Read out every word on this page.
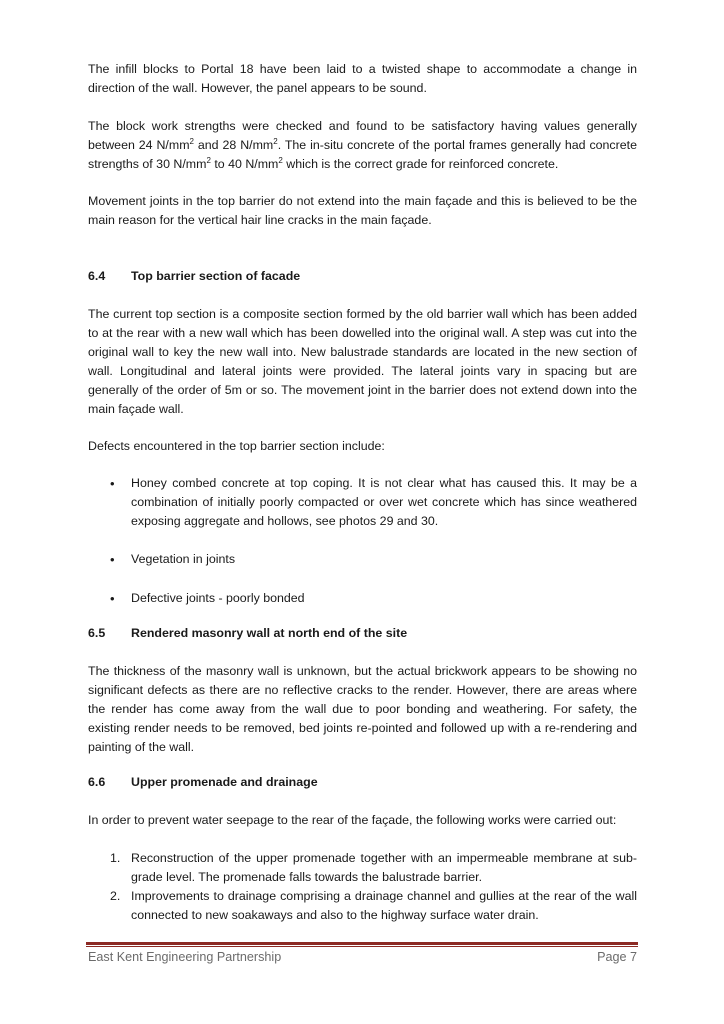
The infill blocks to Portal 18 have been laid to a twisted shape to accommodate a change in direction of the wall. However, the panel appears to be sound.

The block work strengths were checked and found to be satisfactory having values generally between 24 $N/mm^2$ and 28 $N/mm^2$. The in-situ concrete of the portal frames generally had concrete strengths of 30 $N/mm^2$ to 40 $N/mm^2$ which is the correct grade for reinforced concrete.

Movement joints in the top barrier do not extend into the main façade and this is believed to be the main reason for the vertical hair line cracks in the main façade.

6.4 Top barrier section of facade

The current top section is a composite section formed by the old barrier wall which has been added to at the rear with a new wall which has been dowelled into the original wall. A step was cut into the original wall to key the new wall into. New balustrade standards are located in the new section of wall. Longitudinal and lateral joints were provided. The lateral joints vary in spacing but are generally of the order of 5m or so. The movement joint in the barrier does not extend down into the main façade wall.

Defects encountered in the top barrier section include:

•	Honey combed concrete at top coping. It is not clear what has caused this. It may be a combination of initially poorly compacted or over wet concrete which has since weathered exposing aggregate and hollows, see photos 29 and 30.
•	Vegetation in joints
•	Defective joints - poorly bonded
6.5 Rendered masonry wall at north end of the site

The thickness of the masonry wall is unknown, but the actual brickwork appears to be showing no significant defects as there are no reflective cracks to the render. However, there are areas where the render has come away from the wall due to poor bonding and weathering. For safety, the existing render needs to be removed, bed joints re-pointed and followed up with a re-rendering and painting of the wall.

6.6 Upper promenade and drainage

In order to prevent water seepage to the rear of the façade, the following works were carried out:

1. Reconstruction of the upper promenade together with an impermeable membrane at sub-grade level. The promenade falls towards the balustrade barrier.
2. Improvements to drainage comprising a drainage channel and gullies at the rear of the wall connected to new soakaways and also to the highway surface water drain.
East Kent Engineering Partnership	Page 7
